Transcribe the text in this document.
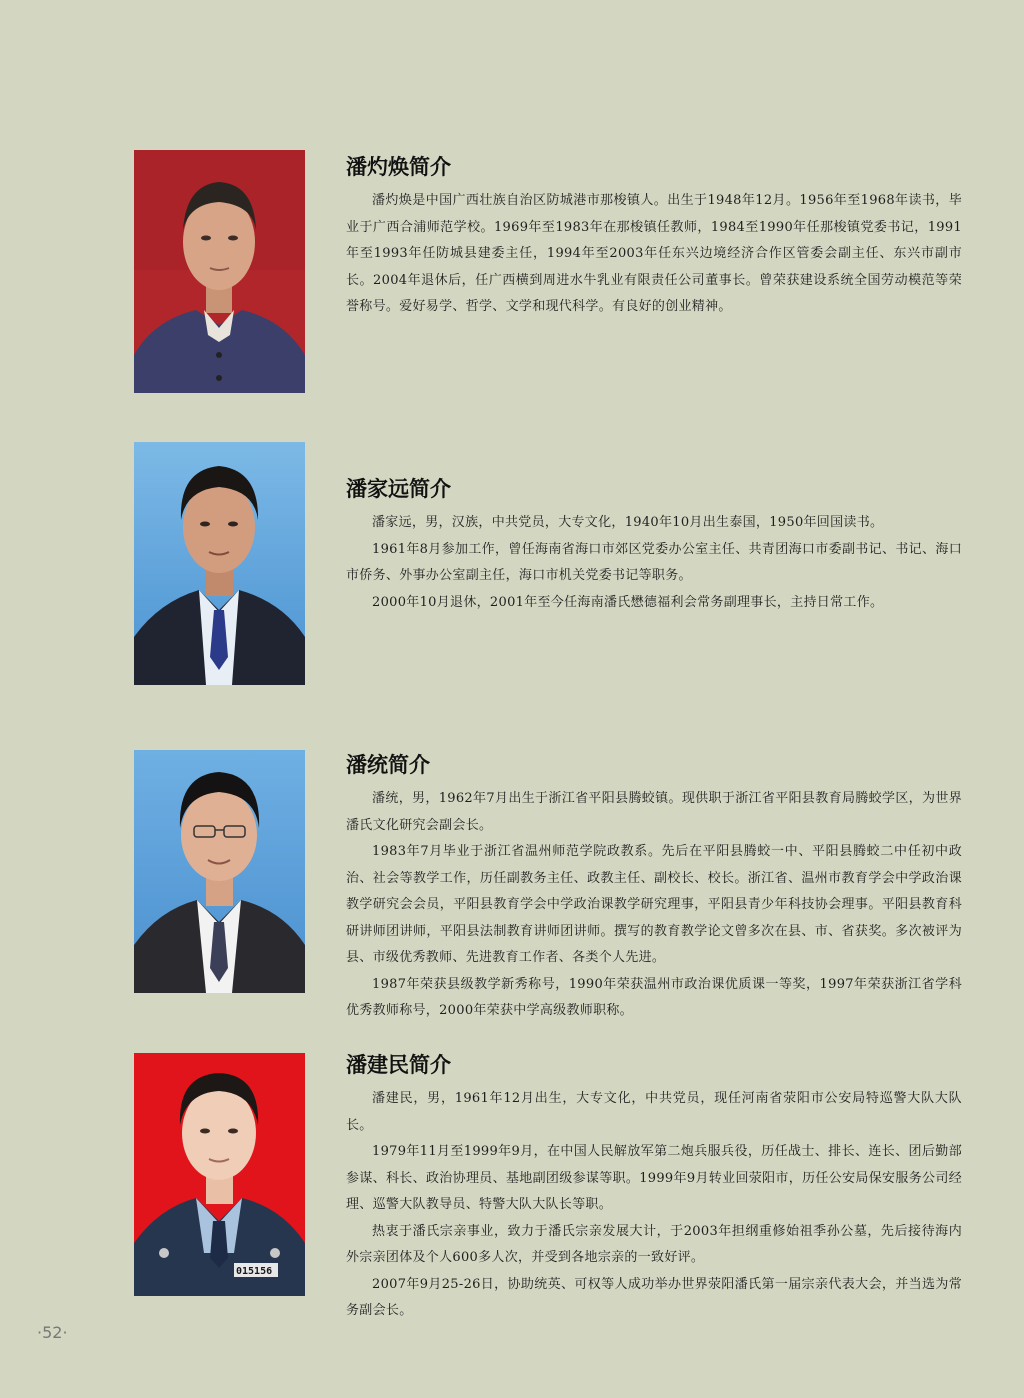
潘灼焕简介

潘灼焕是中国广西壮族自治区防城港市那梭镇人。出生于1948年12月。1956年至1968年读书，毕业于广西合浦师范学校。1969年至1983年在那梭镇任教师，1984至1990年任那梭镇党委书记，1991年至1993年任防城县建委主任，1994年至2003年任东兴边境经济合作区管委会副主任、东兴市副市长。2004年退休后，任广西横到周进水牛乳业有限责任公司董事长。曾荣获建设系统全国劳动模范等荣誉称号。爱好易学、哲学、文学和现代科学。有良好的创业精神。

潘家远简介

潘家远，男，汉族，中共党员，大专文化，1940年10月出生泰国，1950年回国读书。

1961年8月参加工作，曾任海南省海口市郊区党委办公室主任、共青团海口市委副书记、书记、海口市侨务、外事办公室副主任，海口市机关党委书记等职务。

2000年10月退休，2001年至今任海南潘氏懋德福利会常务副理事长，主持日常工作。

潘统简介

潘统，男，1962年7月出生于浙江省平阳县腾蛟镇。现供职于浙江省平阳县教育局腾蛟学区，为世界潘氏文化研究会副会长。

1983年7月毕业于浙江省温州师范学院政教系。先后在平阳县腾蛟一中、平阳县腾蛟二中任初中政治、社会等教学工作，历任副教务主任、政教主任、副校长、校长。浙江省、温州市教育学会中学政治课教学研究会会员，平阳县教育学会中学政治课教学研究理事，平阳县青少年科技协会理事。平阳县教育科研讲师团讲师，平阳县法制教育讲师团讲师。撰写的教育教学论文曾多次在县、市、省获奖。多次被评为县、市级优秀教师、先进教育工作者、各类个人先进。

1987年荣获县级教学新秀称号，1990年荣获温州市政治课优质课一等奖，1997年荣获浙江省学科优秀教师称号，2000年荣获中学高级教师职称。

015156
潘建民简介

潘建民，男，1961年12月出生，大专文化，中共党员，现任河南省荥阳市公安局特巡警大队大队长。

1979年11月至1999年9月，在中国人民解放军第二炮兵服兵役，历任战士、排长、连长、团后勤部参谋、科长、政治协理员、基地副团级参谋等职。1999年9月转业回荥阳市，历任公安局保安服务公司经理、巡警大队教导员、特警大队大队长等职。

热衷于潘氏宗亲事业，致力于潘氏宗亲发展大计，于2003年担纲重修始祖季孙公墓，先后接待海内外宗亲团体及个人600多人次，并受到各地宗亲的一致好评。

2007年9月25-26日，协助统英、可权等人成功举办世界荥阳潘氏第一届宗亲代表大会，并当选为常务副会长。

·52·
